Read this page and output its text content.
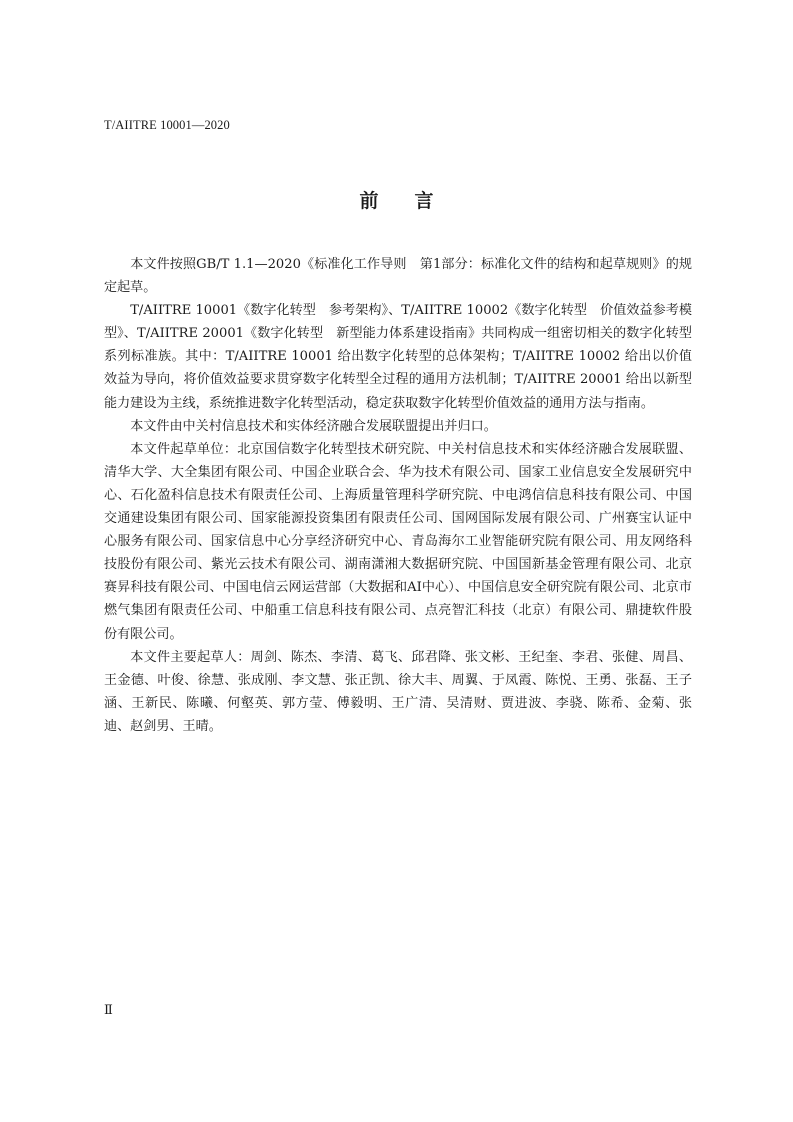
T/AIITRE 10001—2020
前言

本文件按照GB/T 1.1—2020《标准化工作导则　第1部分：标准化文件的结构和起草规则》的规定起草。

T/AIITRE 10001《数字化转型　参考架构》、T/AIITRE 10002《数字化转型　价值效益参考模型》、T/AIITRE 20001《数字化转型　新型能力体系建设指南》共同构成一组密切相关的数字化转型系列标准族。其中：T/AIITRE 10001 给出数字化转型的总体架构；T/AIITRE 10002 给出以价值效益为导向，将价值效益要求贯穿数字化转型全过程的通用方法机制；T/AIITRE 20001 给出以新型能力建设为主线，系统推进数字化转型活动，稳定获取数字化转型价值效益的通用方法与指南。

本文件由中关村信息技术和实体经济融合发展联盟提出并归口。

本文件起草单位：北京国信数字化转型技术研究院、中关村信息技术和实体经济融合发展联盟、清华大学、大全集团有限公司、中国企业联合会、华为技术有限公司、国家工业信息安全发展研究中心、石化盈科信息技术有限责任公司、上海质量管理科学研究院、中电鸿信信息科技有限公司、中国交通建设集团有限公司、国家能源投资集团有限责任公司、国网国际发展有限公司、广州赛宝认证中心服务有限公司、国家信息中心分享经济研究中心、青岛海尔工业智能研究院有限公司、用友网络科技股份有限公司、紫光云技术有限公司、湖南潇湘大数据研究院、中国国新基金管理有限公司、北京赛昇科技有限公司、中国电信云网运营部（大数据和AI中心）、中国信息安全研究院有限公司、北京市燃气集团有限责任公司、中船重工信息科技有限公司、点亮智汇科技（北京）有限公司、鼎捷软件股份有限公司。

本文件主要起草人：周剑、陈杰、李清、葛飞、邱君降、张文彬、王纪奎、李君、张健、周昌、王金德、叶俊、徐慧、张成刚、李文慧、张正凯、徐大丰、周翼、于凤霞、陈悦、王勇、张磊、王子涵、王新民、陈曦、何壑英、郭方莹、傅毅明、王广清、吴清财、贾进波、李骁、陈希、金菊、张迪、赵剑男、王晴。

Ⅱ
